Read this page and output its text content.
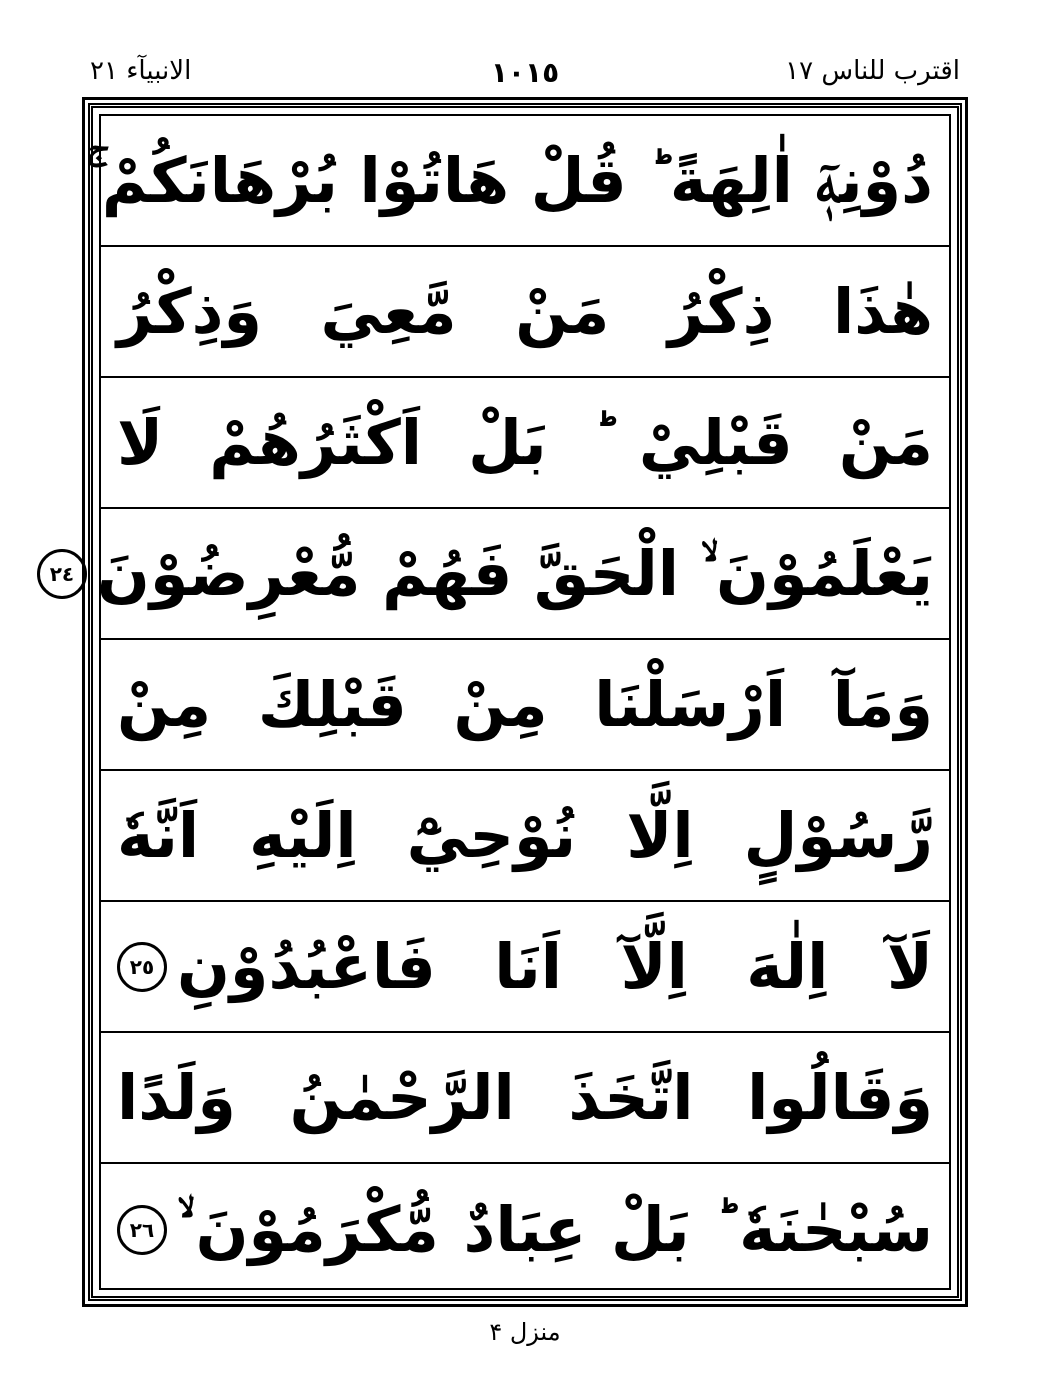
اقترب للناس ١٧
١٠١٥
الانبيآء ٢١
دُوْنِهٖٓ اٰلِهَةً ؕ قُلْ هَاتُوْا بُرْهَانَكُمْ ۚ
هٰذَا ذِكْرُ مَنْ مَّعِيَ وَذِكْرُ
مَنْ قَبْلِيْ ؕ بَلْ اَكْثَرُهُمْ لَا
يَعْلَمُوْنَ ۙ الْحَقَّ فَهُمْ مُّعْرِضُوْنَ
٢٤
وَمَآ اَرْسَلْنَا مِنْ قَبْلِكَ مِنْ
رَّسُوْلٍ اِلَّا نُوْحِيْٓ اِلَيْهِ اَنَّهٗ
لَآ اِلٰهَ اِلَّآ اَنَا فَاعْبُدُوْنِ
٢٥
وَقَالُوا اتَّخَذَ الرَّحْمٰنُ وَلَدًا
سُبْحٰنَهٗ ؕ بَلْ عِبَادٌ مُّكْرَمُوْنَ ۙ
٢٦
منزل ۴
